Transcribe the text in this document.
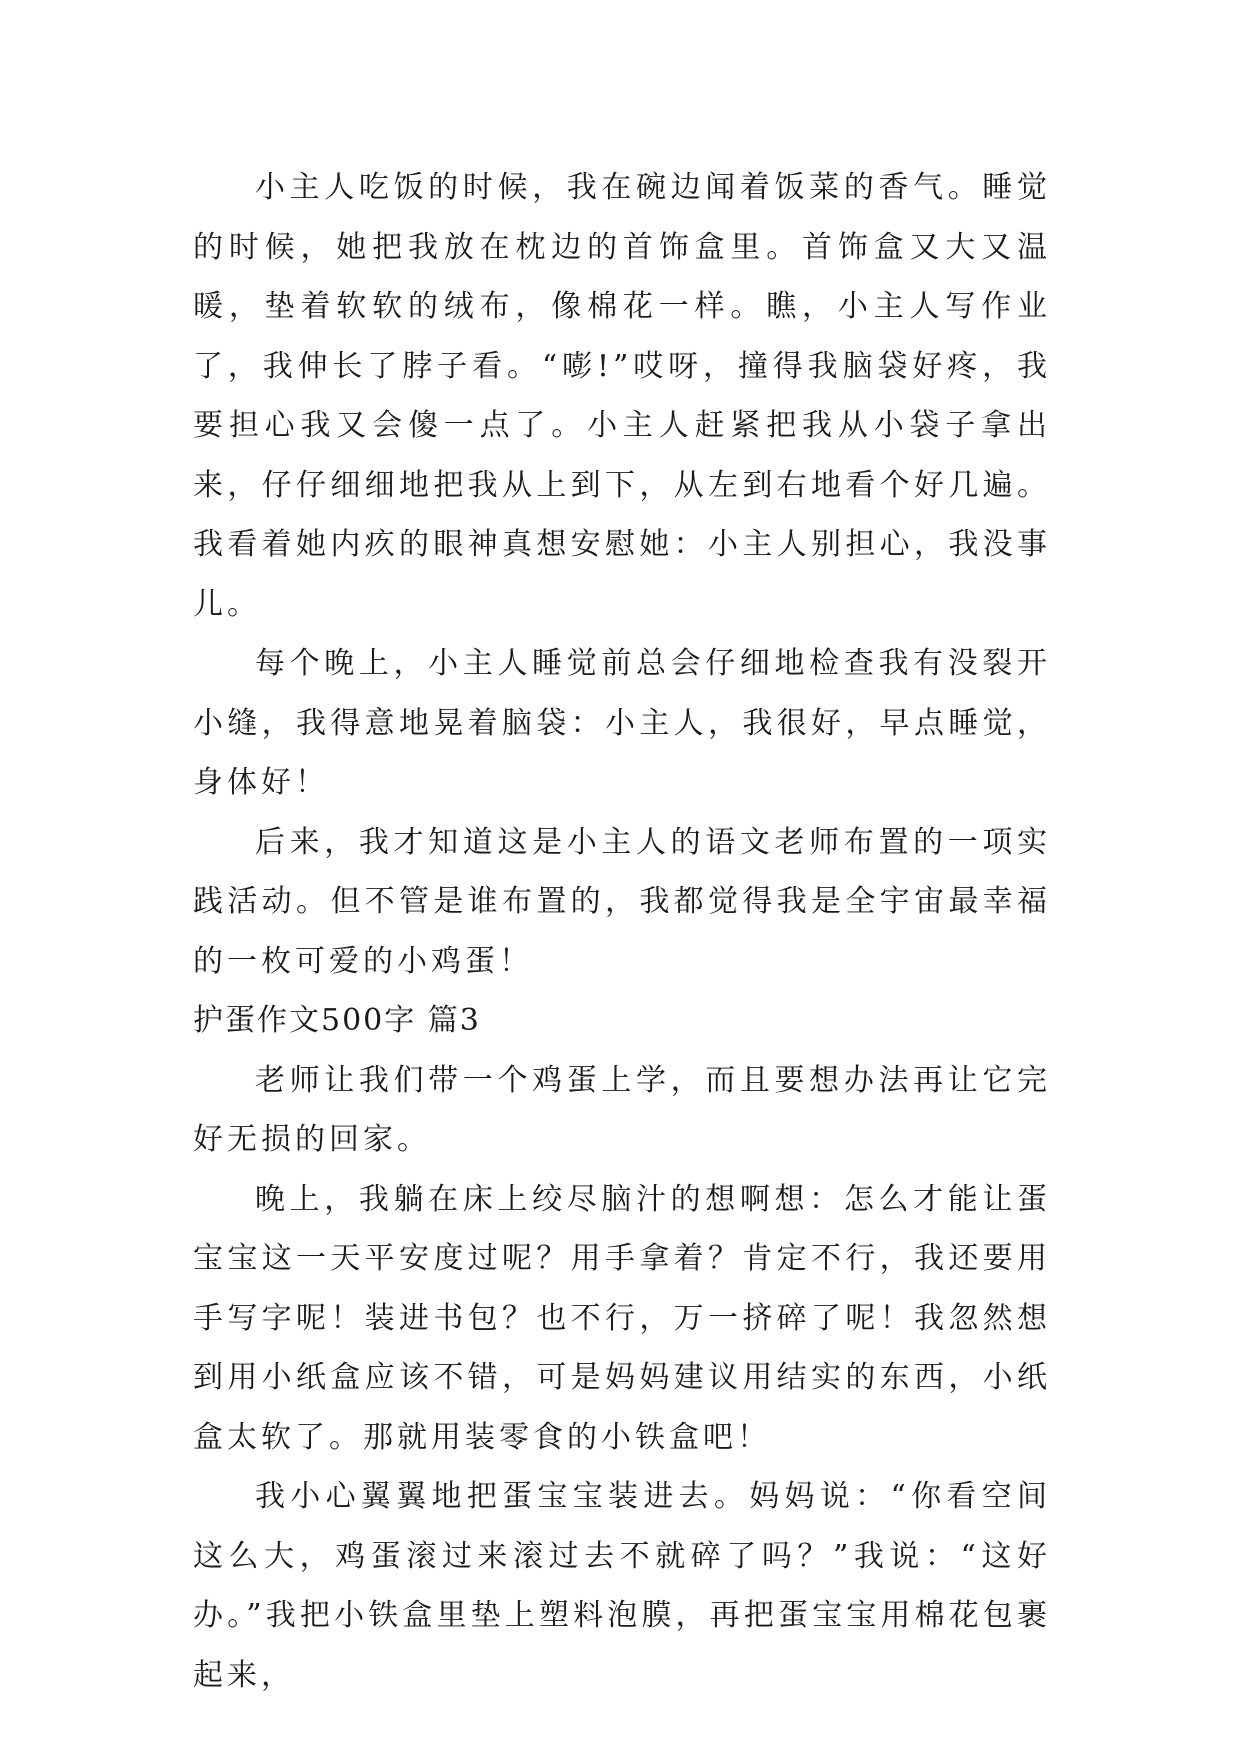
小主人吃饭的时候，我在碗边闻着饭菜的香气。睡觉的时候，她把我放在枕边的首饰盒里。首饰盒又大又温暖，垫着软软的绒布，像棉花一样。瞧，小主人写作业了，我伸长了脖子看。“嘭!”哎呀，撞得我脑袋好疼，我要担心我又会傻一点了。小主人赶紧把我从小袋子拿出来，仔仔细细地把我从上到下，从左到右地看个好几遍。我看着她内疚的眼神真想安慰她：小主人别担心，我没事儿。

每个晚上，小主人睡觉前总会仔细地检查我有没裂开小缝，我得意地晃着脑袋：小主人，我很好，早点睡觉，身体好！

后来，我才知道这是小主人的语文老师布置的一项实践活动。但不管是谁布置的，我都觉得我是全宇宙最幸福的一枚可爱的小鸡蛋！

护蛋作文500字 篇3

老师让我们带一个鸡蛋上学，而且要想办法再让它完好无损的回家。

晚上，我躺在床上绞尽脑汁的想啊想：怎么才能让蛋宝宝这一天平安度过呢？用手拿着？肯定不行，我还要用手写字呢！装进书包？也不行，万一挤碎了呢！我忽然想到用小纸盒应该不错，可是妈妈建议用结实的东西，小纸盒太软了。那就用装零食的小铁盒吧！

我小心翼翼地把蛋宝宝装进去。妈妈说：“你看空间这么大，鸡蛋滚过来滚过去不就碎了吗？”我说：“这好办。”我把小铁盒里垫上塑料泡膜，再把蛋宝宝用棉花包裹起来，
